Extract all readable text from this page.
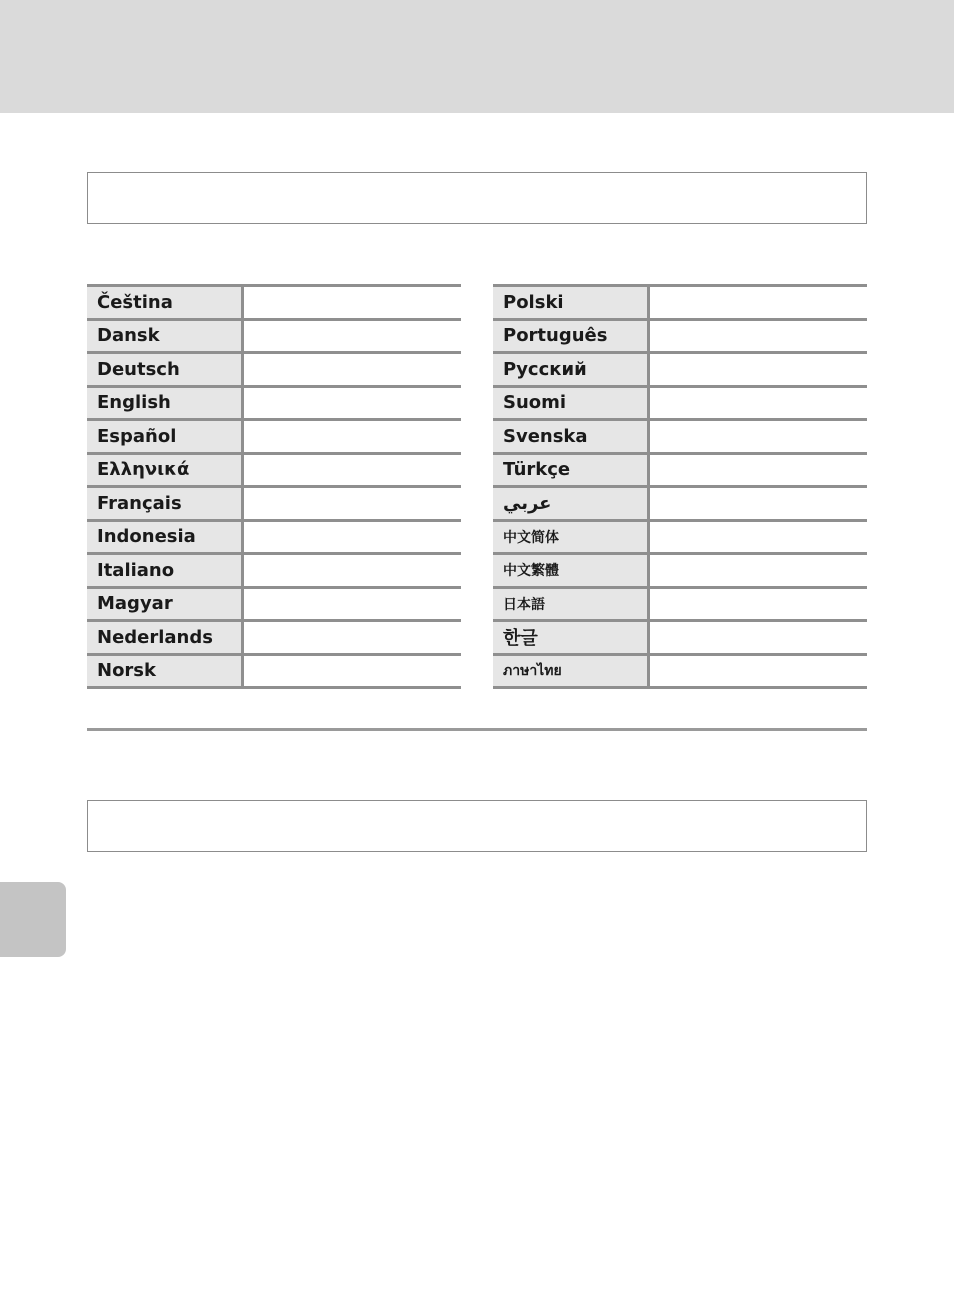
Čeština
Dansk
Deutsch
English
Español
Ελληνικά
Français
Indonesia
Italiano
Magyar
Nederlands
Norsk
Polski
Português
Русский
Suomi
Svenska
Türkçe
عربي
中文简体
中文繁體
日本語
한글
ภาษาไทย
